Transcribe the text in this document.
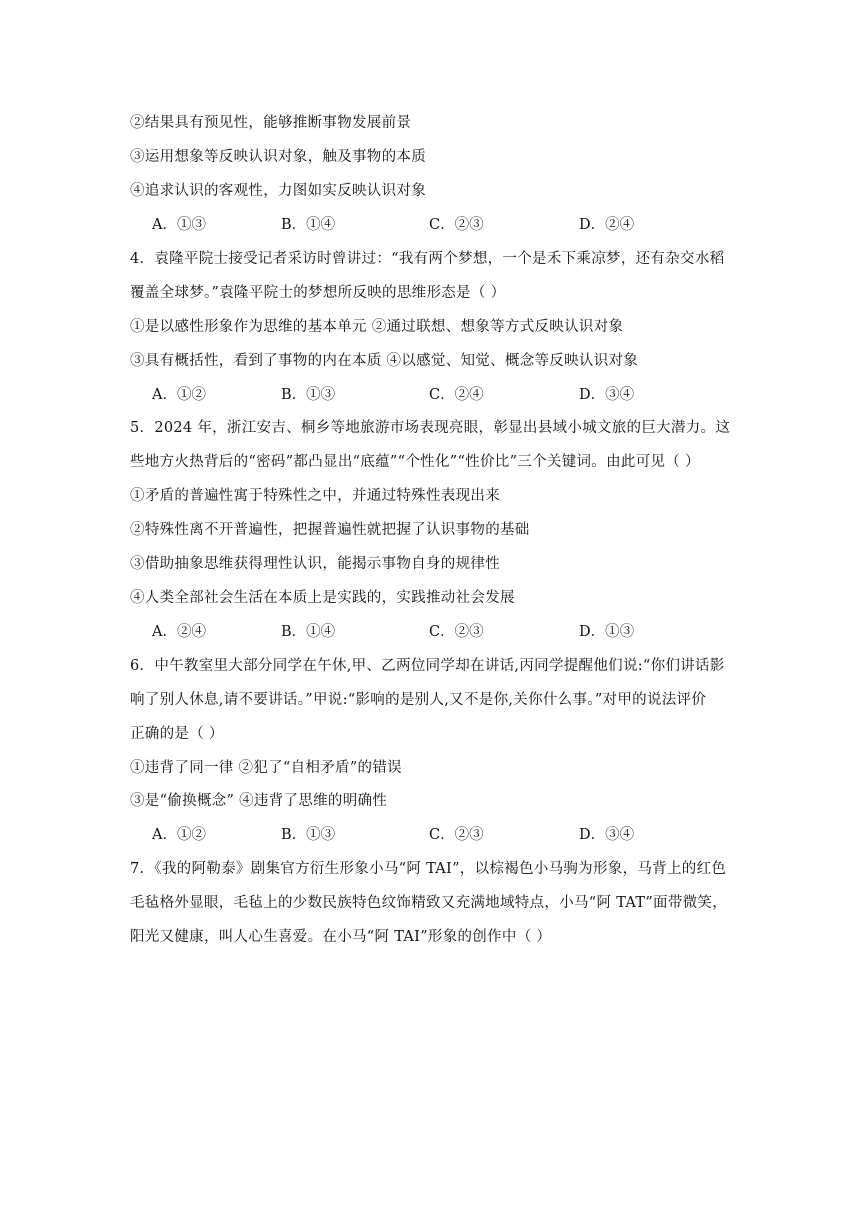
②结果具有预见性，能够推断事物发展前景
③运用想象等反映认识对象，触及事物的本质
④追求认识的客观性，力图如实反映认识对象
A．①③	B．①④	C．②③	D．②④
4．袁隆平院士接受记者采访时曾讲过：“我有两个梦想，一个是禾下乘凉梦，还有杂交水稻
覆盖全球梦。”袁隆平院士的梦想所反映的思维形态是（ ）
①是以感性形象作为思维的基本单元 ②通过联想、想象等方式反映认识对象
③具有概括性，看到了事物的内在本质 ④以感觉、知觉、概念等反映认识对象
A．①②	B．①③	C．②④	D．③④
5．2024 年，浙江安吉、桐乡等地旅游市场表现亮眼，彰显出县域小城文旅的巨大潜力。这
些地方火热背后的“密码”都凸显出“底蕴”“个性化”“性价比”三个关键词。由此可见（ ）
①矛盾的普遍性寓于特殊性之中，并通过特殊性表现出来
②特殊性离不开普遍性，把握普遍性就把握了认识事物的基础
③借助抽象思维获得理性认识，能揭示事物自身的规律性
④人类全部社会生活在本质上是实践的，实践推动社会发展
A．②④	B．①④	C．②③	D．①③
6．中午教室里大部分同学在午休,甲、乙两位同学却在讲话,丙同学提醒他们说:“你们讲话影
响了别人休息,请不要讲话。”甲说:“影响的是别人,又不是你,关你什么事。”对甲的说法评价
正确的是（ ）
①违背了同一律 ②犯了“自相矛盾”的错误
③是“偷换概念” ④违背了思维的明确性
A．①②	B．①③	C．②③	D．③④
7．《我的阿勒泰》剧集官方衍生形象小马“阿 TAI”，以棕褐色小马驹为形象，马背上的红色
毛毡格外显眼，毛毡上的少数民族特色纹饰精致又充满地域特点，小马“阿 TAT”面带微笑，
阳光又健康，叫人心生喜爱。在小马“阿 TAI”形象的创作中（ ）
